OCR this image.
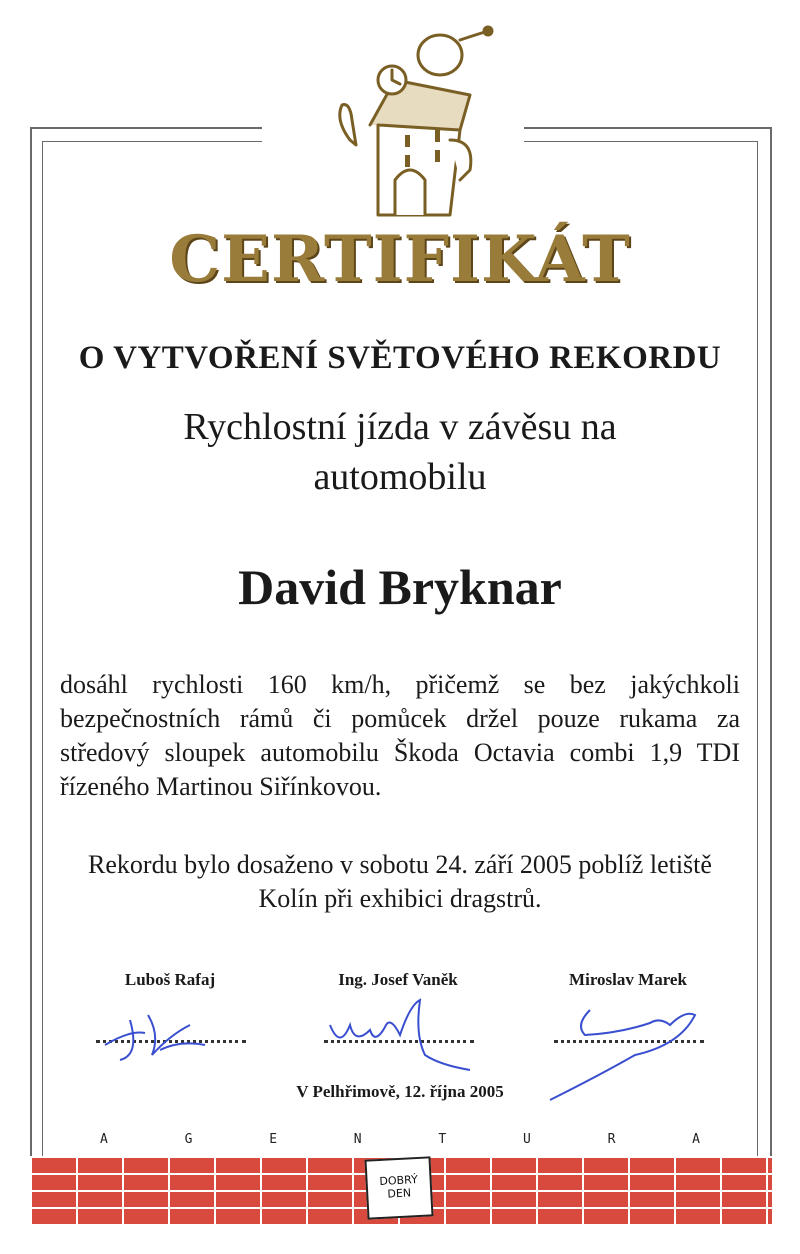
CERTIFIKÁT
O VYTVOŘENÍ SVĚTOVÉHO REKORDU
Rychlostní jízda v závěsu na automobilu
David Bryknar
dosáhl rychlosti 160 km/h, přičemž se bez jakýchkoli bezpečnostních rámů či pomůcek držel pouze rukama za středový sloupek automobilu Škoda Octavia combi 1,9 TDI řízeného Martinou Siřínkovou.
Rekordu bylo dosaženo v sobotu 24. září 2005 poblíž letiště Kolín při exhibici dragstrů.
Luboš Rafaj	Ing. Josef Vaněk	Miroslav Marek
V Pelhřimově, 12. října 2005
A	G	E	N	T	U	R	A
DOBRÝ
DEN
